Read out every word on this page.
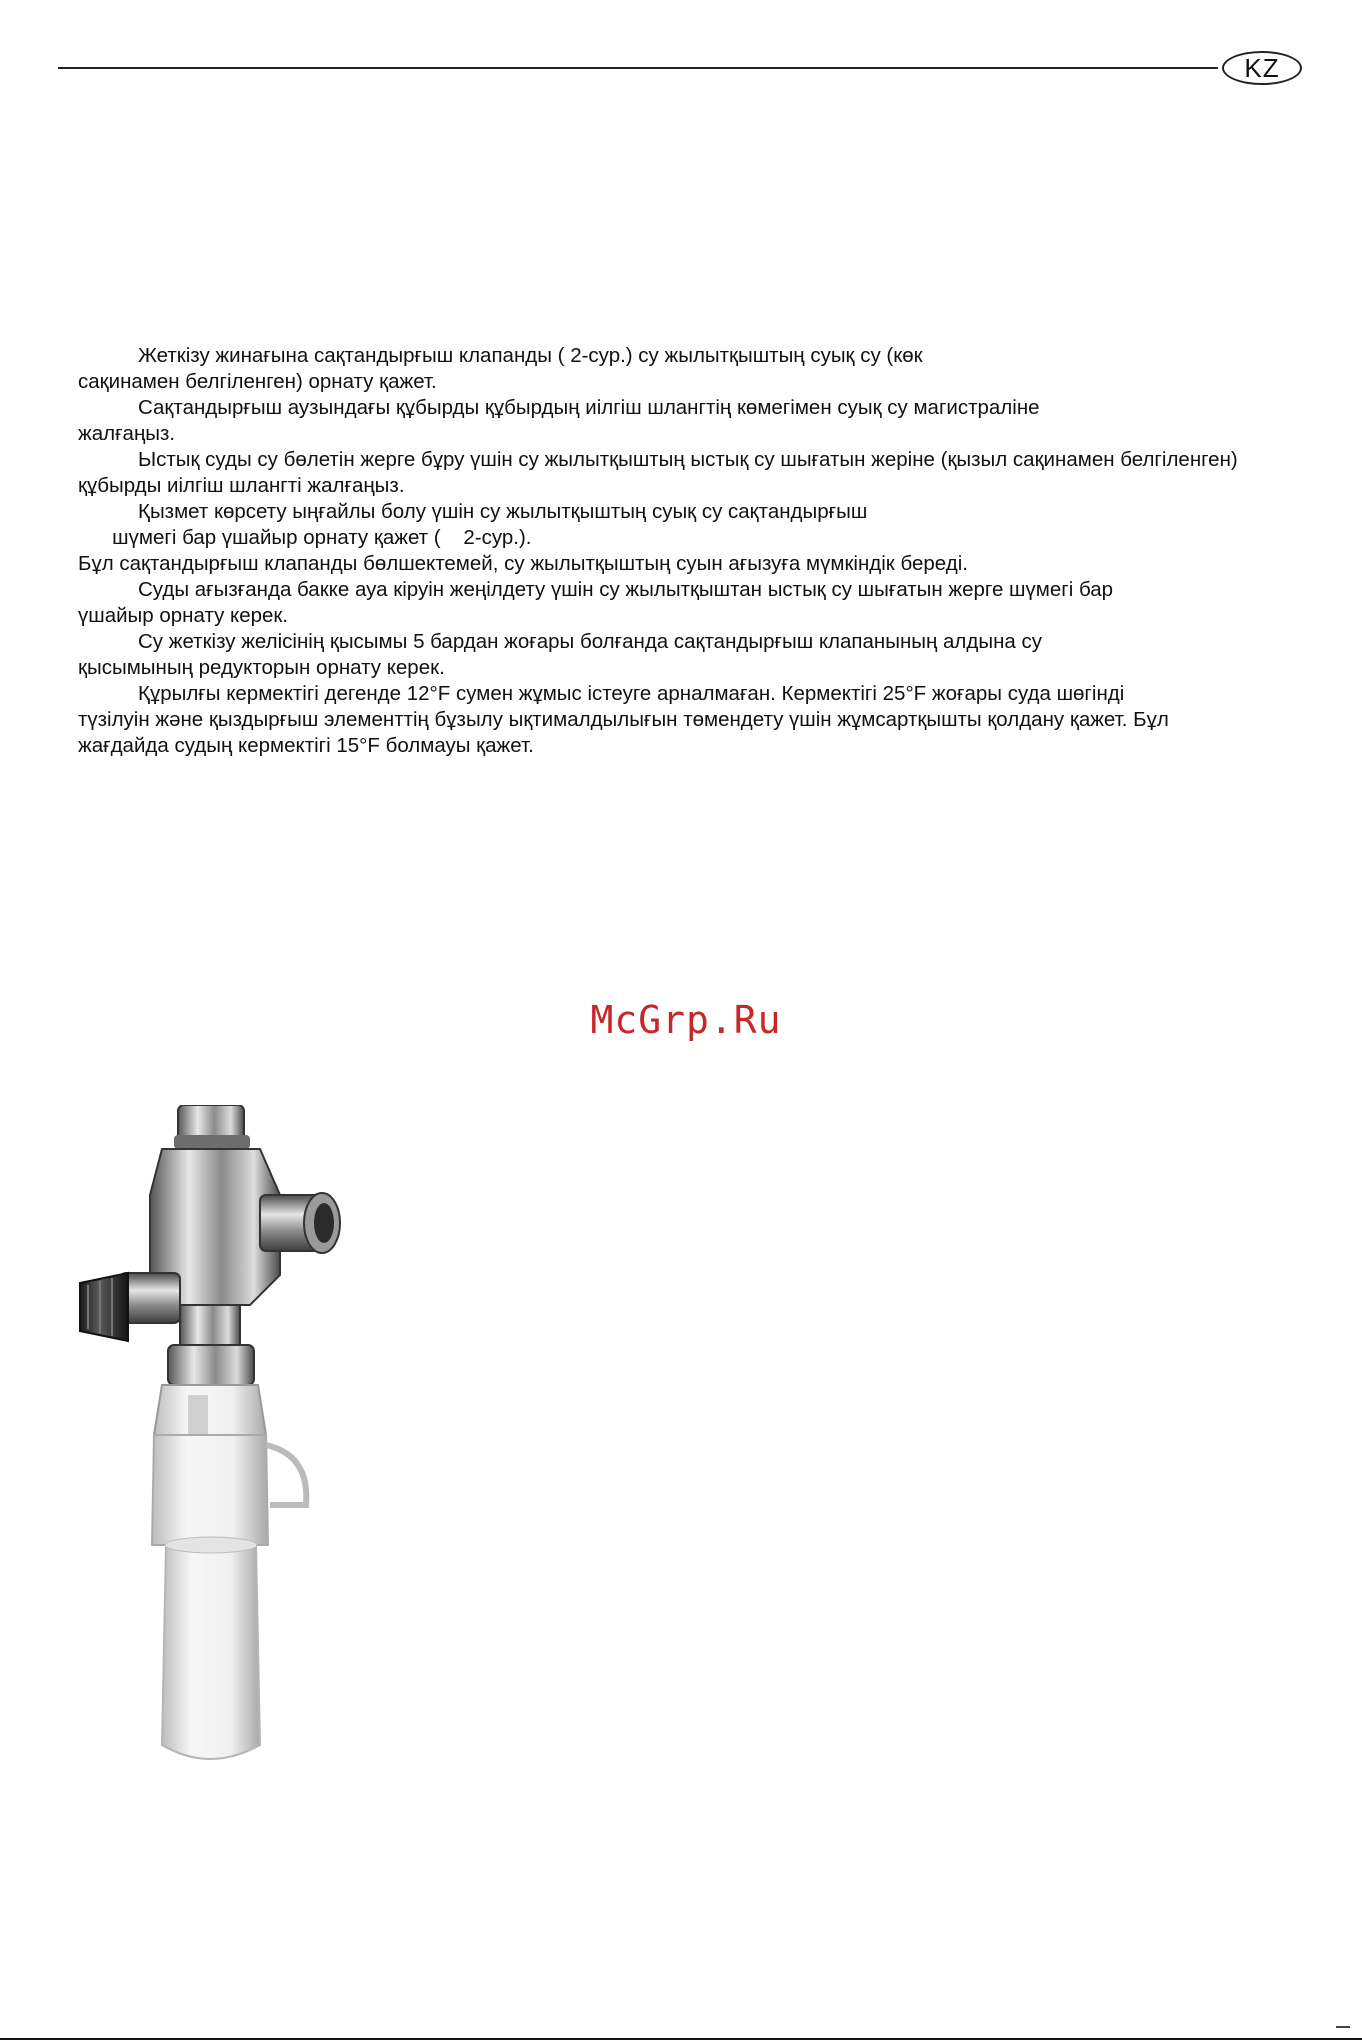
KZ

Жеткізу жинағына сақтандырғыш клапанды ( 2-сур.) су жылытқыштың суық су (көк
сақинамен белгіленген) орнату қажет.

Сақтандырғыш аузындағы құбырды құбырдың иілгіш шлангтің көмегімен суық су магистраліне
жалғаңыз.

Ыстық суды су бөлетін жерге бұру үшін су жылытқыштың ыстық су шығатын жеріне (қызыл сақинамен белгіленген)
құбырды иілгіш шлангті жалғаңыз.

Қызмет көрсету ыңғайлы болу үшін су жылытқыштың суық су сақтандырғыш
шүмегі бар үшайыр орнату қажет (    2-сур.).

Бұл сақтандырғыш клапанды бөлшектемей, су жылытқыштың суын ағызуға мүмкіндік береді.

Суды ағызғанда бакке ауа кіруін жеңілдету үшін су жылытқыштан ыстық су шығатын жерге шүмегі бар
үшайыр орнату керек.

Су жеткізу желісінің қысымы 5 бардан жоғары болғанда сақтандырғыш клапанының алдына су
қысымының редукторын орнату керек.

Құрылғы кермектігі дегенде 12°F сумен жұмыс істеуге арналмаған. Кермектігі 25°F жоғары суда шөгінді
түзілуін және қыздырғыш элементтің бұзылу ықтималдылығын төмендету үшін жұмсартқышты қолдану қажет. Бұл
жағдайда судың кермектігі 15°F болмауы қажет.

McGrp.Ru
